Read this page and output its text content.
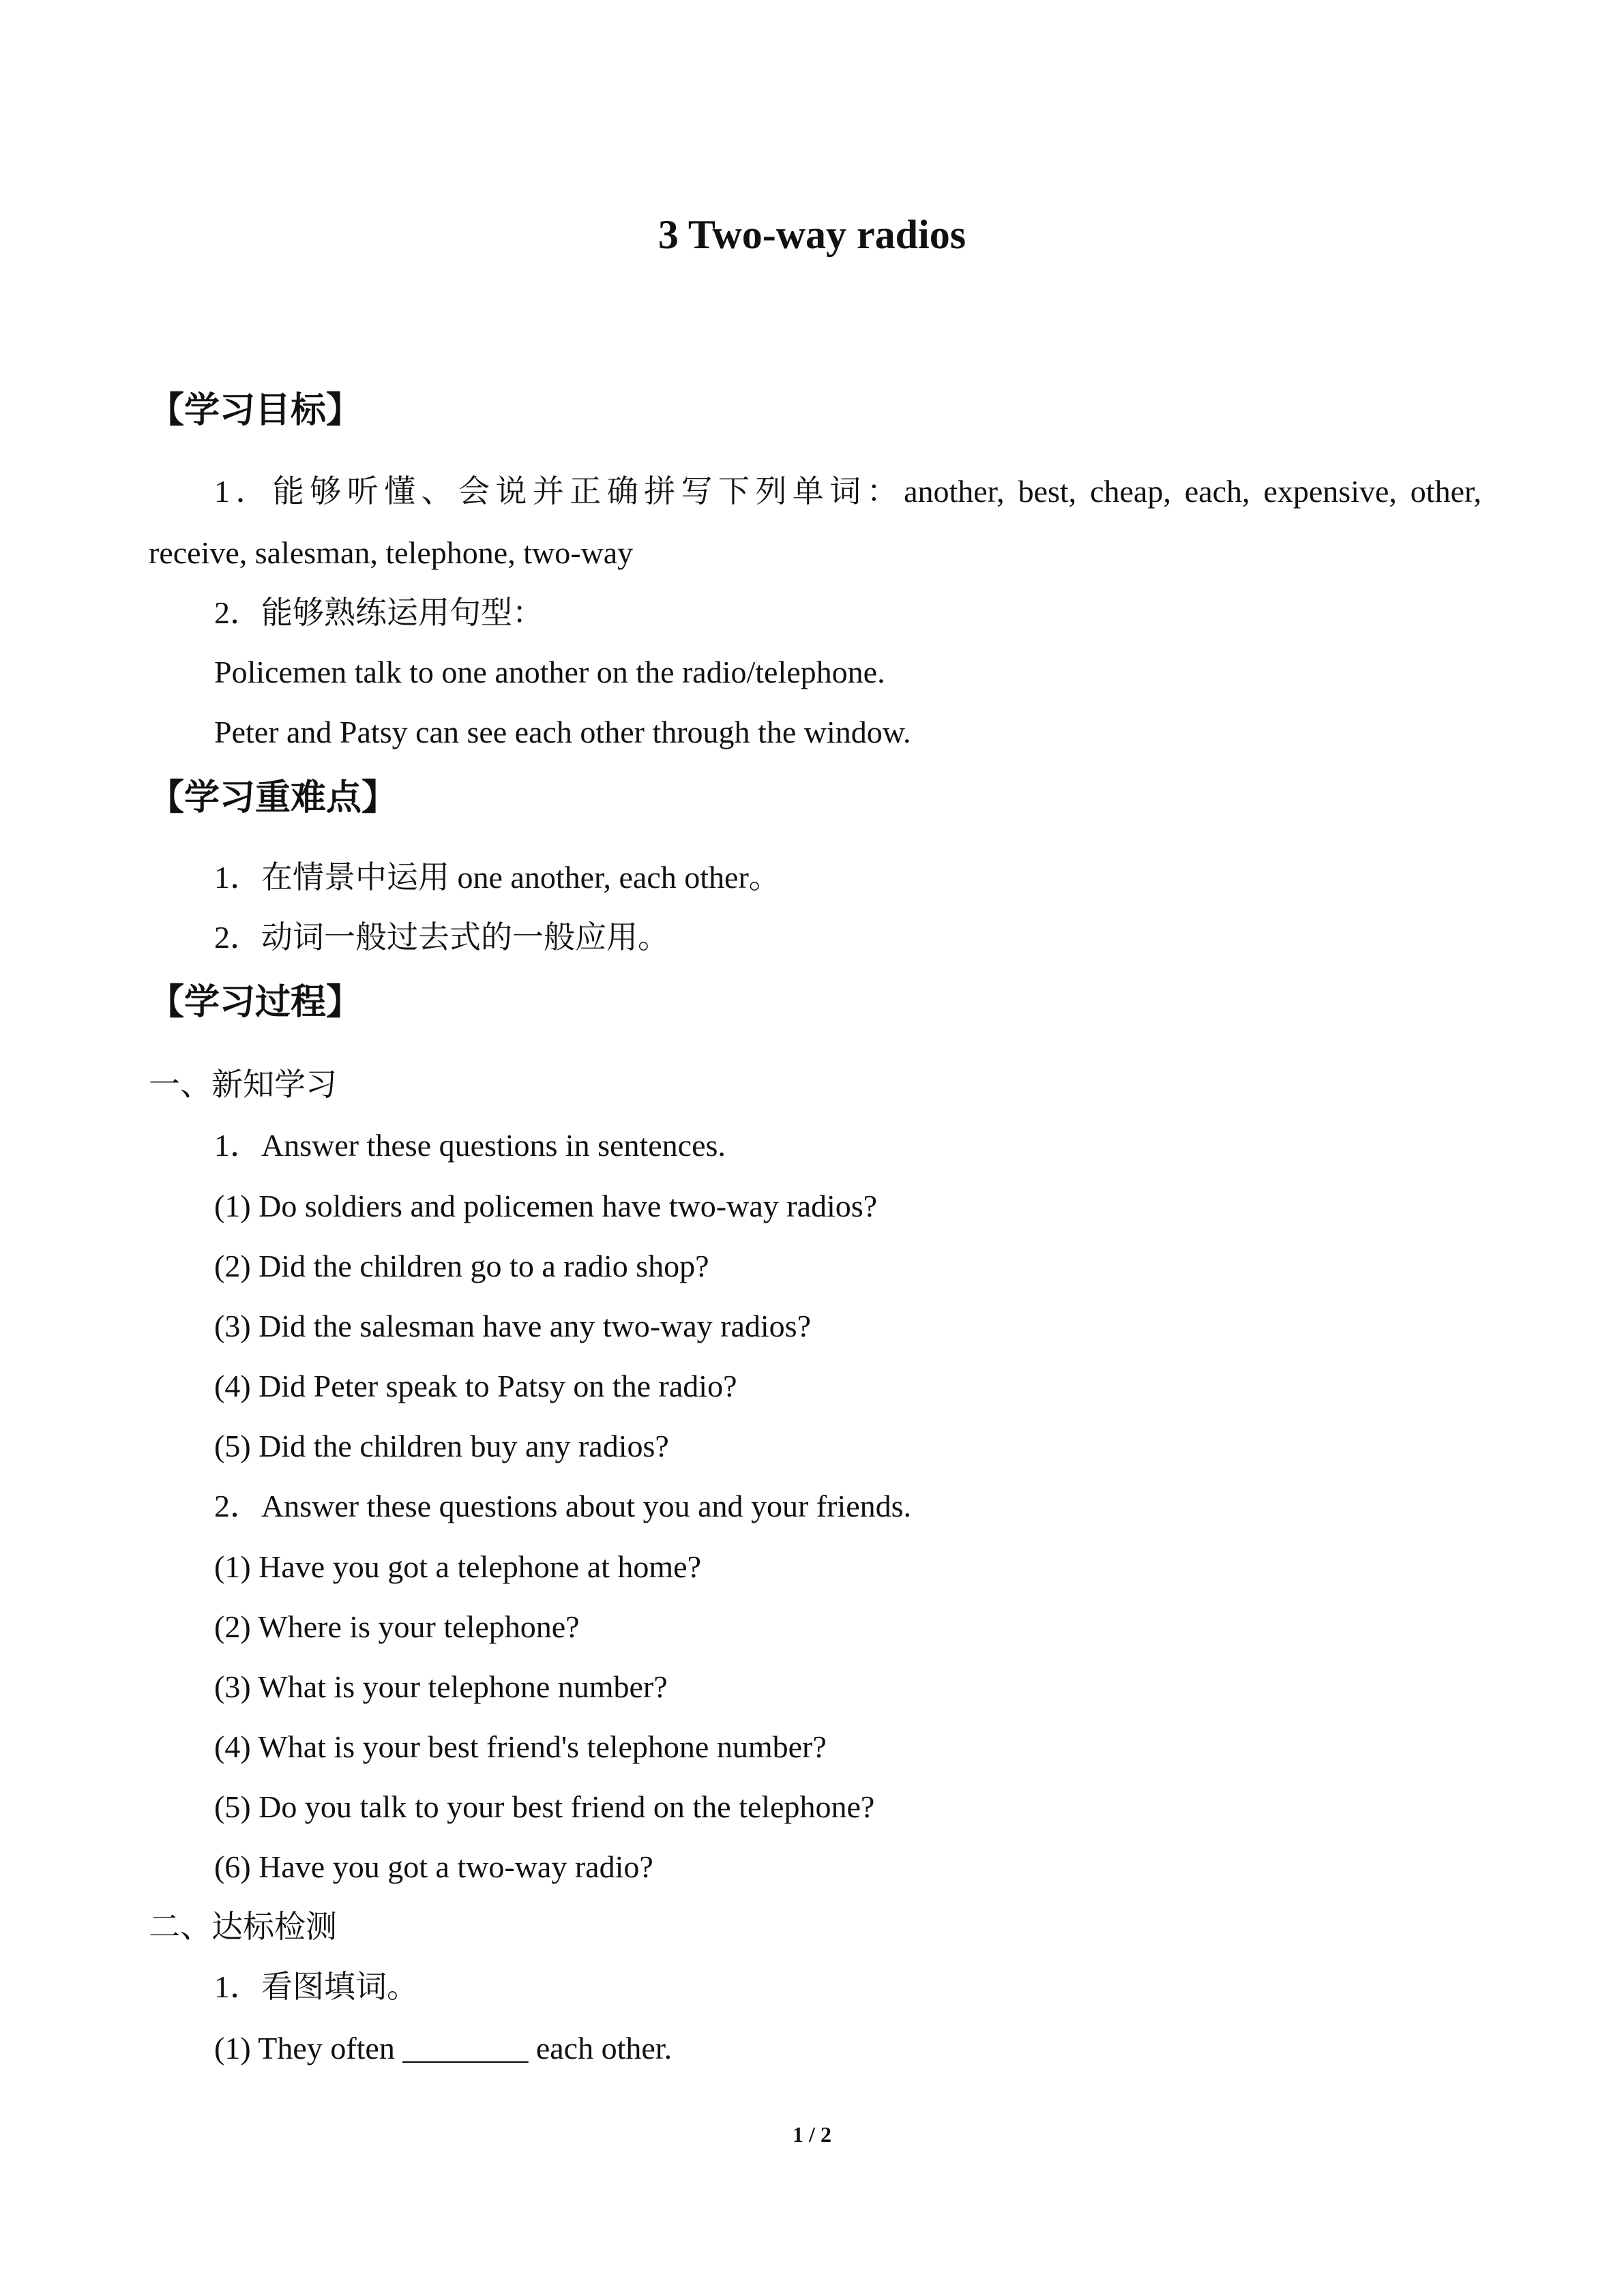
3 Two-way radios
【学习目标】
1．能够听懂、会说并正确拼写下列单词：another, best, cheap, each, expensive, other,
receive, salesman, telephone, two-way
2．能够熟练运用句型：
Policemen talk to one another on the radio/telephone.
Peter and Patsy can see each other through the window.
【学习重难点】
1．在情景中运用 one another, each other。
2．动词一般过去式的一般应用。
【学习过程】
一、新知学习
1．Answer these questions in sentences.
(1) Do soldiers and policemen have two-way radios?
(2) Did the children go to a radio shop?
(3) Did the salesman have any two-way radios?
(4) Did Peter speak to Patsy on the radio?
(5) Did the children buy any radios?
2．Answer these questions about you and your friends.
(1) Have you got a telephone at home?
(2) Where is your telephone?
(3) What is your telephone number?
(4) What is your best friend's telephone number?
(5) Do you talk to your best friend on the telephone?
(6) Have you got a two-way radio?
二、达标检测
1．看图填词。
(1) They often ________ each other.
1 / 2
